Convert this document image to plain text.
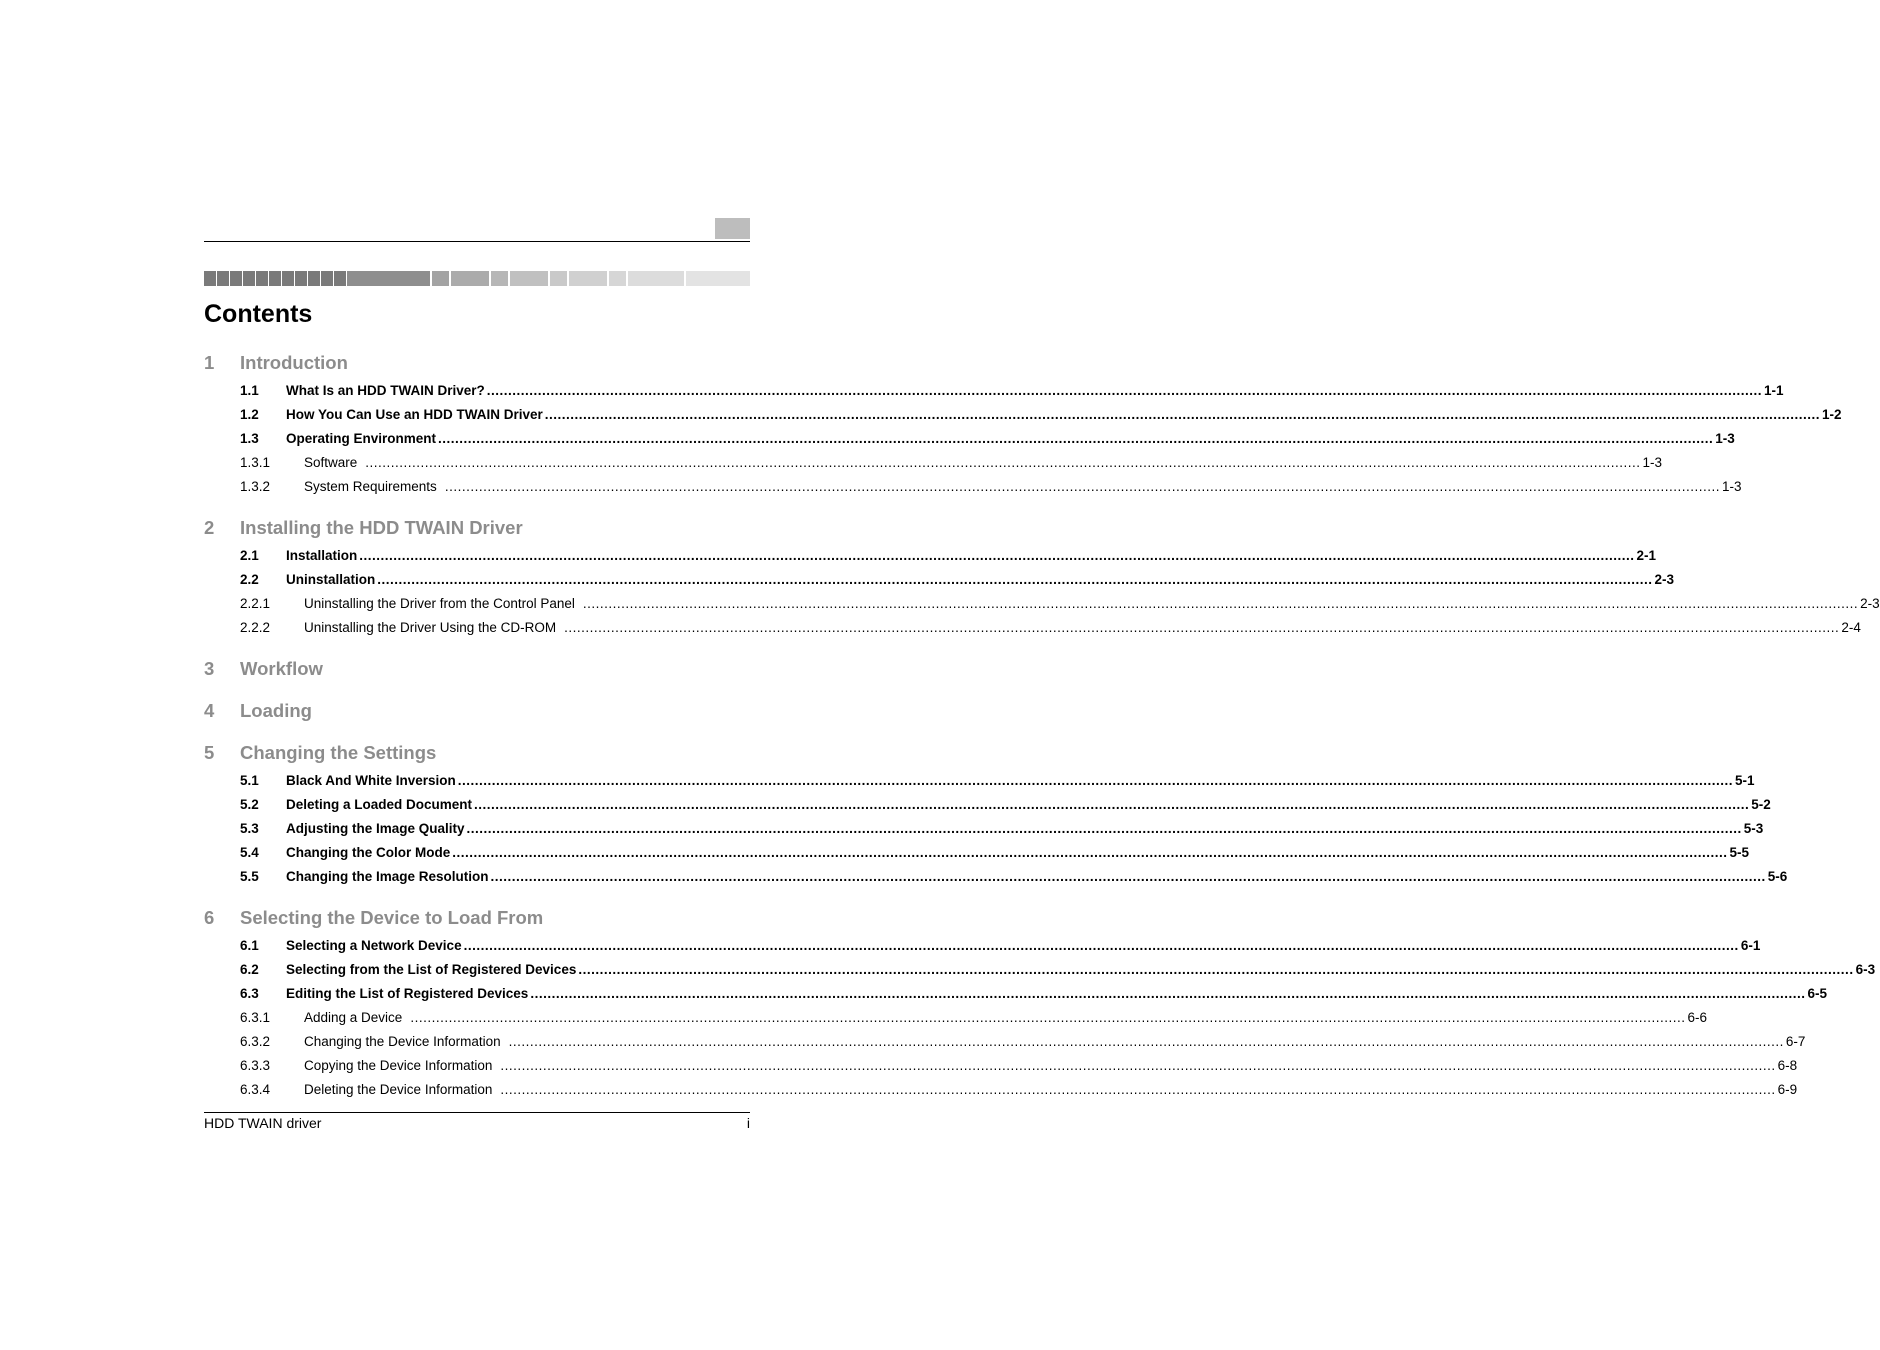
Contents
1 Introduction
1.1	What Is an HDD TWAIN Driver? ............................................................................................................................................................................................................................................................................................................ 1-1
1.2	How You Can Use an HDD TWAIN Driver ............................................................................................................................................................................................................................................................................................................ 1-2
1.3	Operating Environment ............................................................................................................................................................................................................................................................................................................ 1-3
1.3.1	Software ............................................................................................................................................................................................................................................................................................................ 1-3
1.3.2	System Requirements ............................................................................................................................................................................................................................................................................................................ 1-3
2 Installing the HDD TWAIN Driver
2.1	Installation ............................................................................................................................................................................................................................................................................................................ 2-1
2.2	Uninstallation ............................................................................................................................................................................................................................................................................................................ 2-3
2.2.1	Uninstalling the Driver from the Control Panel ............................................................................................................................................................................................................................................................................................................ 2-3
2.2.2	Uninstalling the Driver Using the CD-ROM ............................................................................................................................................................................................................................................................................................................ 2-4
3 Workflow
4 Loading
5 Changing the Settings
5.1	Black And White Inversion ............................................................................................................................................................................................................................................................................................................ 5-1
5.2	Deleting a Loaded Document ............................................................................................................................................................................................................................................................................................................ 5-2
5.3	Adjusting the Image Quality ............................................................................................................................................................................................................................................................................................................ 5-3
5.4	Changing the Color Mode ............................................................................................................................................................................................................................................................................................................ 5-5
5.5	Changing the Image Resolution ............................................................................................................................................................................................................................................................................................................ 5-6
6 Selecting the Device to Load From
6.1	Selecting a Network Device ............................................................................................................................................................................................................................................................................................................ 6-1
6.2	Selecting from the List of Registered Devices ............................................................................................................................................................................................................................................................................................................ 6-3
6.3	Editing the List of Registered Devices ............................................................................................................................................................................................................................................................................................................ 6-5
6.3.1	Adding a Device ............................................................................................................................................................................................................................................................................................................ 6-6
6.3.2	Changing the Device Information ............................................................................................................................................................................................................................................................................................................ 6-7
6.3.3	Copying the Device Information ............................................................................................................................................................................................................................................................................................................ 6-8
6.3.4	Deleting the Device Information ............................................................................................................................................................................................................................................................................................................ 6-9
HDD TWAIN driver	i
